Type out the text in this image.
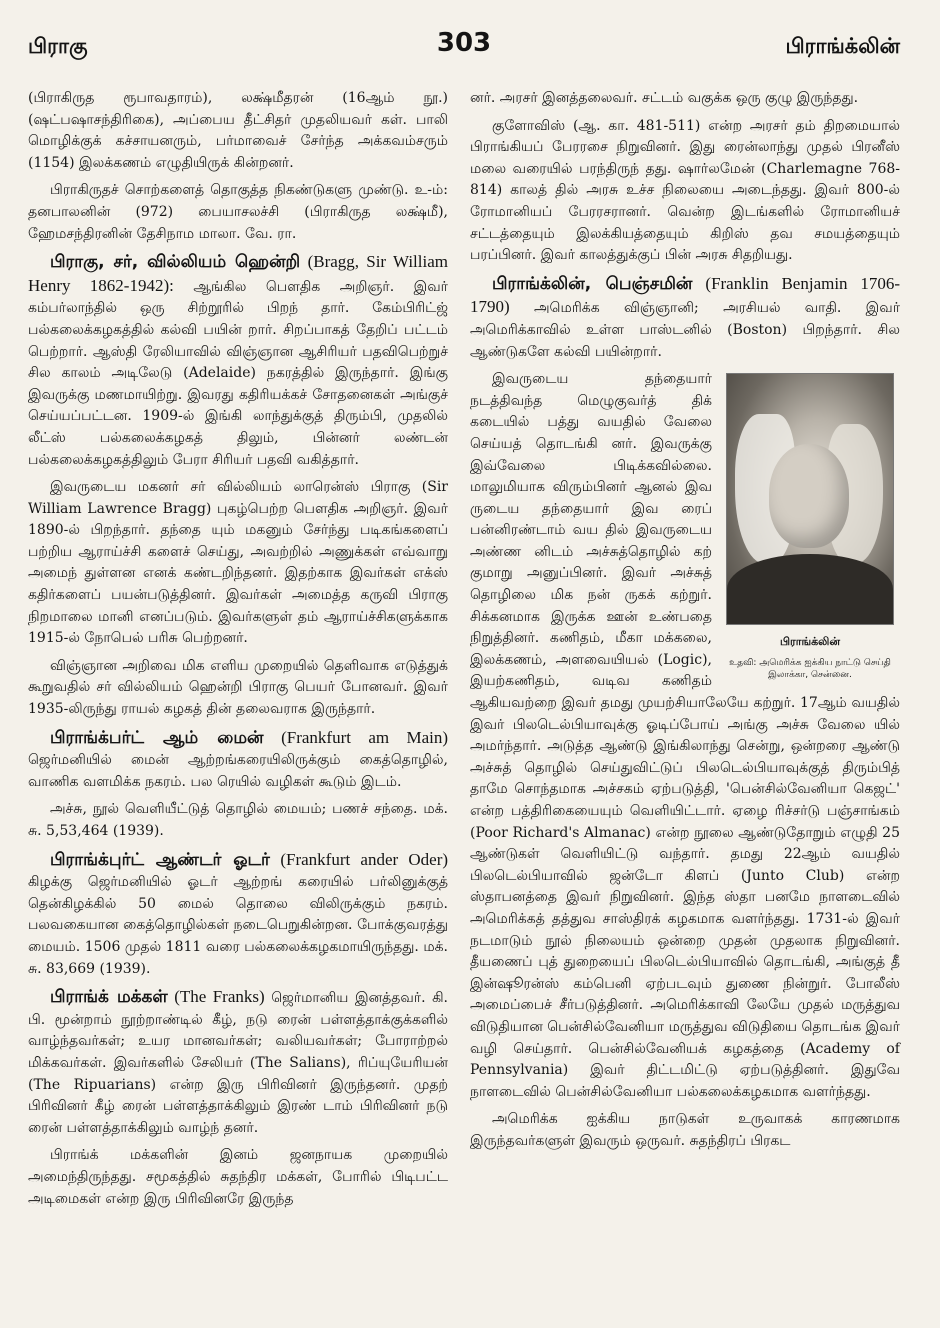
பிராகு	303	பிராங்க்லின்

(பிராகிருத ரூபாவதாரம்), லக்ஷ்மீதரன் (16ஆம் நூ.) (ஷட்பஷாசந்திரிகை), அப்பைய தீட்சிதர் முதலியவர் கள். பாலி மொழிக்குக் கச்சாயனரும், பர்மாவைச் சேர்ந்த அக்கவம்சரும் (1154) இலக்கணம் எழுதியிருக் கின்றனர்.

பிராகிருதச் சொற்களைத் தொகுத்த நிகண்டுகளு முண்டு. உ-ம்: தனபாலனின் (972) பையாசலச்சி (பிராகிருத லக்ஷ்மீ), ஹேமசந்திரனின் தேசிநாம மாலா. வே. ரா.

பிராகு, சர், வில்லியம் ஹென்றி (Bragg, Sir William Henry 1862-1942): ஆங்கில பௌதிக அறிஞர். இவர் கம்பர்லாந்தில் ஒரு சிற்றூரில் பிறந் தார். கேம்பிரிட்ஜ் பல்கலைக்கழகத்தில் கல்வி பயின் றார். சிறப்பாகத் தேறிப் பட்டம் பெற்றார். ஆஸ்தி ரேலியாவில் விஞ்ஞான ஆசிரியர் பதவிபெற்றுச் சில காலம் அடிலேடு (Adelaide) நகரத்தில் இருந்தார். இங்கு இவருக்கு மணமாயிற்று. இவரது கதிரியக்கச் சோதனைகள் அங்குச் செய்யப்பட்டன. 1909-ல் இங்கி லாந்துக்குத் திரும்பி, முதலில் லீட்ஸ் பல்கலைக்கழகத் திலும், பின்னர் லண்டன் பல்கலைக்கழகத்திலும் பேரா சிரியர் பதவி வகித்தார்.

இவருடைய மகனர் சர் வில்லியம் லாரென்ஸ் பிராகு (Sir William Lawrence Bragg) புகழ்பெற்ற பௌதிக அறிஞர். இவர் 1890-ல் பிறந்தார். தந்தை யும் மகனும் சேர்ந்து படிகங்களைப் பற்றிய ஆராய்ச்சி களைச் செய்து, அவற்றில் அணுக்கள் எவ்வாறு அமைந் துள்ளன எனக் கண்டறிந்தனர். இதற்காக இவர்கள் எக்ஸ் கதிர்களைப் பயன்படுத்தினர். இவர்கள் அமைத்த கருவி பிராகு நிறமாலை மானி எனப்படும். இவர்களுள் தம் ஆராய்ச்சிகளுக்காக 1915-ல் நோபெல் பரிசு பெற்றனர்.

விஞ்ஞான அறிவை மிக எளிய முறையில் தெளிவாக எடுத்துக் கூறுவதில் சர் வில்லியம் ஹென்றி பிராகு பெயர் போனவர். இவர் 1935-லிருந்து ராயல் கழகத் தின் தலைவராக இருந்தார்.

பிராங்க்பர்ட் ஆம் மைன் (Frankfurt am Main) ஜெர்மனியில் மைன் ஆற்றங்கரையிலிருக்கும் கைத்தொழில், வாணிக வளமிக்க நகரம். பல ரெயில் வழிகள் கூடும் இடம்.

அச்சு, நூல் வெளியீட்டுத் தொழில் மையம்; பணச் சந்தை. மக். சு. 5,53,464 (1939).

பிராங்க்புர்ட் ஆண்டர் ஓடர் (Frankfurt ander Oder) கிழக்கு ஜெர்மனியில் ஓடர் ஆற்றங் கரையில் பர்லினுக்குத் தென்கிழக்கில் 50 மைல் தொலை விலிருக்கும் நகரம். பலவகையான கைத்தொழில்கள் நடைபெறுகின்றன. போக்குவரத்து மையம். 1506 முதல் 1811 வரை பல்கலைக்கழகமாயிருந்தது. மக். சு. 83,669 (1939).

பிராங்க் மக்கள் (The Franks) ஜெர்மானிய இனத்தவர். கி. பி. மூன்றாம் நூற்றாண்டில் கீழ், நடு ரைன் பள்ளத்தாக்குக்களில் வாழ்ந்தவர்கள்; உயர மானவர்கள்; வலியவர்கள்; போராற்றல் மிக்கவர்கள். இவர்களில் சேலியர் (The Salians), ரிப்யுயேரியன் (The Ripuarians) என்ற இரு பிரிவினர் இருந்தனர். முதற் பிரிவினர் கீழ் ரைன் பள்ளத்தாக்கிலும் இரண் டாம் பிரிவினர் நடு ரைன் பள்ளத்தாக்கிலும் வாழ்ந் தனர்.

பிராங்க் மக்களின் இனம் ஜனநாயக முறையில் அமைந்திருந்தது. சமூகத்தில் சுதந்திர மக்கள், போரில் பிடிபட்ட அடிமைகள் என்ற இரு பிரிவினரே இருந்த

னர். அரசர் இனத்தலைவர். சட்டம் வகுக்க ஒரு குழு இருந்தது.

குளோவிஸ் (ஆ. கா. 481-511) என்ற அரசர் தம் திறமையால் பிராங்கியப் பேரரசை நிறுவினர். இது ரைன்லாந்து முதல் பிரனீஸ் மலை வரையில் பரந்திருந் தது. ஷார்லமேன் (Charlemagne 768-814) காலத் தில் அரசு உச்ச நிலையை அடைந்தது. இவர் 800-ல் ரோமானியப் பேரரசரானர். வென்ற இடங்களில் ரோமானியச் சட்டத்தையும் இலக்கியத்தையும் கிறிஸ் தவ சமயத்தையும் பரப்பினர். இவர் காலத்துக்குப் பின் அரசு சிதறியது.

பிராங்க்லின், பெஞ்சமின் (Franklin Benjamin 1706-1790) அமெரிக்க விஞ்ஞானி; அரசியல் வாதி. இவர் அமெரிக்காவில் உள்ள பாஸ்டனில் (Boston) பிறந்தார். சில ஆண்டுகளே கல்வி பயின்றார்.

பிராங்க்லின்
உதவி: அமெரிக்க ஐக்கிய நாட்டு செய்தி இலாக்கா, சென்னை.

இவருடைய தந்தையார் நடத்திவந்த மெழுகுவர்த் திக் கடையில் பத்து வயதில் வேலை செய்யத் தொடங்கி னர். இவருக்கு இவ்வேலை பிடிக்கவில்லை. மாலுமியாக விரும்பினர் ஆனல் இவ ருடைய தந்தையார் இவ ரைப் பன்னிரண்டாம் வய தில் இவருடைய அண்ண னிடம் அச்சுத்தொழில் கற் குமாறு அனுப்பினர். இவர் அச்சுத் தொழிலை மிக நன் ருகக் கற்றுர். சிக்கனமாக இருக்க ஊன் உண்பதை நிறுத்தினர். கணிதம், மீகா மக்கலை, இலக்கணம், அளவையியல் (Logic), இயற்கணிதம், வடிவ கணிதம் ஆகியவற்றை இவர் தமது முயற்சியாலேயே கற்றுர். 17ஆம் வயதில் இவர் பிலடெல்பியாவுக்கு ஓடிப்போய் அங்கு அச்சு வேலை யில் அமர்ந்தார். அடுத்த ஆண்டு இங்கிலாந்து சென்று, ஒன்றரை ஆண்டு அச்சுத் தொழில் செய்துவிட்டுப் பிலடெல்பியாவுக்குத் திரும்பித் தாமே சொந்தமாக அச்சகம் ஏற்படுத்தி, 'பென்சில்வேனியா கெஜட்' என்ற பத்திரிகையையும் வெளியிட்டார். ஏழை ரிச்சர்டு பஞ்சாங்கம் (Poor Richard's Almanac) என்ற நூலை ஆண்டுதோறும் எழுதி 25 ஆண்டுகள் வெளியிட்டு வந்தார். தமது 22ஆம் வயதில் பிலடெல்பியாவில் ஜன்டோ கிளப் (Junto Club) என்ற ஸ்தாபனத்தை இவர் நிறுவினர். இந்த ஸ்தா பனமே நாளடைவில் அமெரிக்கத் தத்துவ சாஸ்திரக் கழகமாக வளர்ந்தது. 1731-ல் இவர் நடமாடும் நூல் நிலையம் ஒன்றை முதன் முதலாக நிறுவினர். தீயணைப் புத் துறையைப் பிலடெல்பியாவில் தொடங்கி, அங்குத் தீ இன்ஷூரன்ஸ் கம்பெனி ஏற்படவும் துணை நின்றுர். போலீஸ் அமைப்பைச் சீர்படுத்தினர். அமெரிக்காவி லேயே முதல் மருத்துவ விடுதியான பென்சில்வேனியா மருத்துவ விடுதியை தொடங்க இவர் வழி செய்தார். பென்சில்வேனியக் கழகத்தை (Academy of Pennsylvania) இவர் திட்டமிட்டு ஏற்படுத்தினர். இதுவே நாளடைவில் பென்சில்வேனியா பல்கலைக்கழகமாக வளர்ந்தது.

அமெரிக்க ஐக்கிய நாடுகள் உருவாகக் காரணமாக இருந்தவர்களுள் இவரும் ஒருவர். சுதந்திரப் பிரகட
